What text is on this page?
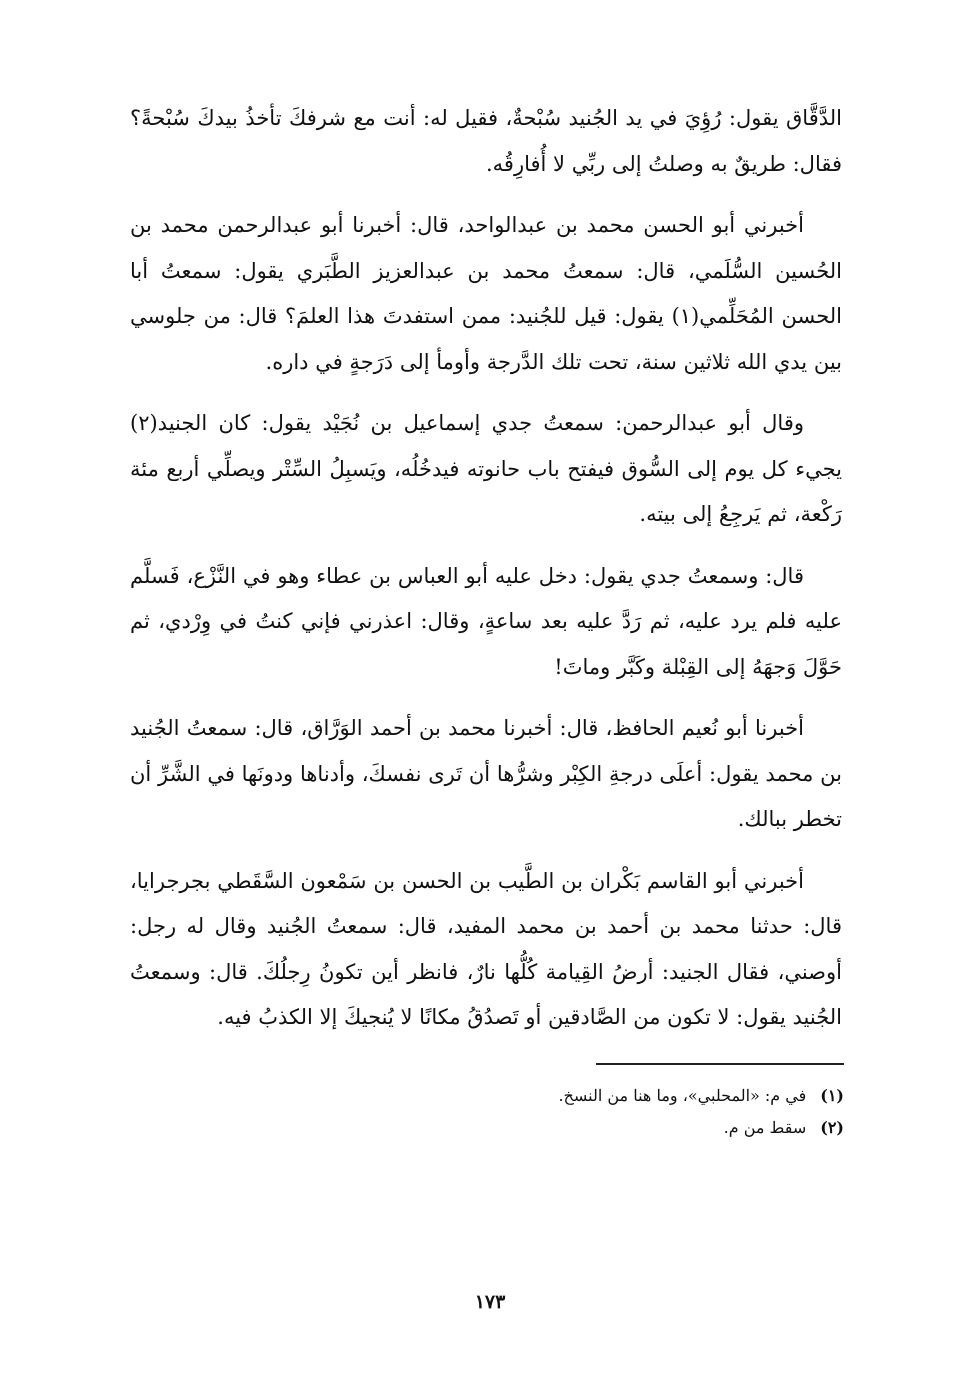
الدَّقَّاق يقول: رُؤِيَ في يد الجُنيد سُبْحةٌ، فقيل له: أنت مع شرفكَ تأخذُ بيدكَ سُبْحةً؟ فقال: طريقٌ به وصلتُ إلى ربِّي لا أُفارِقُه.

أخبرني أبو الحسن محمد بن عبدالواحد، قال: أخبرنا أبو عبدالرحمن محمد بن الحُسين السُّلَمي، قال: سمعتُ محمد بن عبدالعزيز الطَّبَري يقول: سمعتُ أبا الحسن المُحَلِّمي(١) يقول: قيل للجُنيد: ممن استفدتَ هذا العلمَ؟ قال: من جلوسي بين يدي الله ثلاثين سنة، تحت تلك الدَّرجة وأومأ إلى دَرَجةٍ في داره.

وقال أبو عبدالرحمن: سمعتُ جدي إسماعيل بن نُجَيْد يقول: كان الجنيد(٢) يجيء كل يوم إلى السُّوق فيفتح باب حانوته فيدخُلُه، ويَسبِلُ السِّتْر ويصلِّي أربع مئة رَكْعة، ثم يَرجِعُ إلى بيته.

قال: وسمعتُ جدي يقول: دخل عليه أبو العباس بن عطاء وهو في النَّزْع، فَسلَّم عليه فلم يرد عليه، ثم رَدَّ عليه بعد ساعةٍ، وقال: اعذرني فإني كنتُ في وِرْدي، ثم حَوَّلَ وَجهَهُ إلى القِبْلة وكَبَّر وماتَ!

أخبرنا أبو نُعيم الحافظ، قال: أخبرنا محمد بن أحمد الوَرَّاق، قال: سمعتُ الجُنيد بن محمد يقول: أعلَى درجةِ الكِبْر وشرُّها أن تَرى نفسكَ، وأدناها ودونَها في الشَّرِّ أن تخطر ببالك.

أخبرني أبو القاسم بَكْران بن الطَّيب بن الحسن بن سَمْعون السَّقَطي بجرجرايا، قال: حدثنا محمد بن أحمد بن محمد المفيد، قال: سمعتُ الجُنيد وقال له رجل: أوصني، فقال الجنيد: أرضُ القِيامة كُلُّها نارٌ، فانظر أين تكونُ رِجلُكَ. قال: وسمعتُ الجُنيد يقول: لا تكون من الصَّادقين أو تَصدُقُ مكانًا لا يُنجيكَ إلا الكذبُ فيه.

(١)
في م: «المحلبي»، وما هنا من النسخ.
(٢)
سقط من م.
١٧٣
